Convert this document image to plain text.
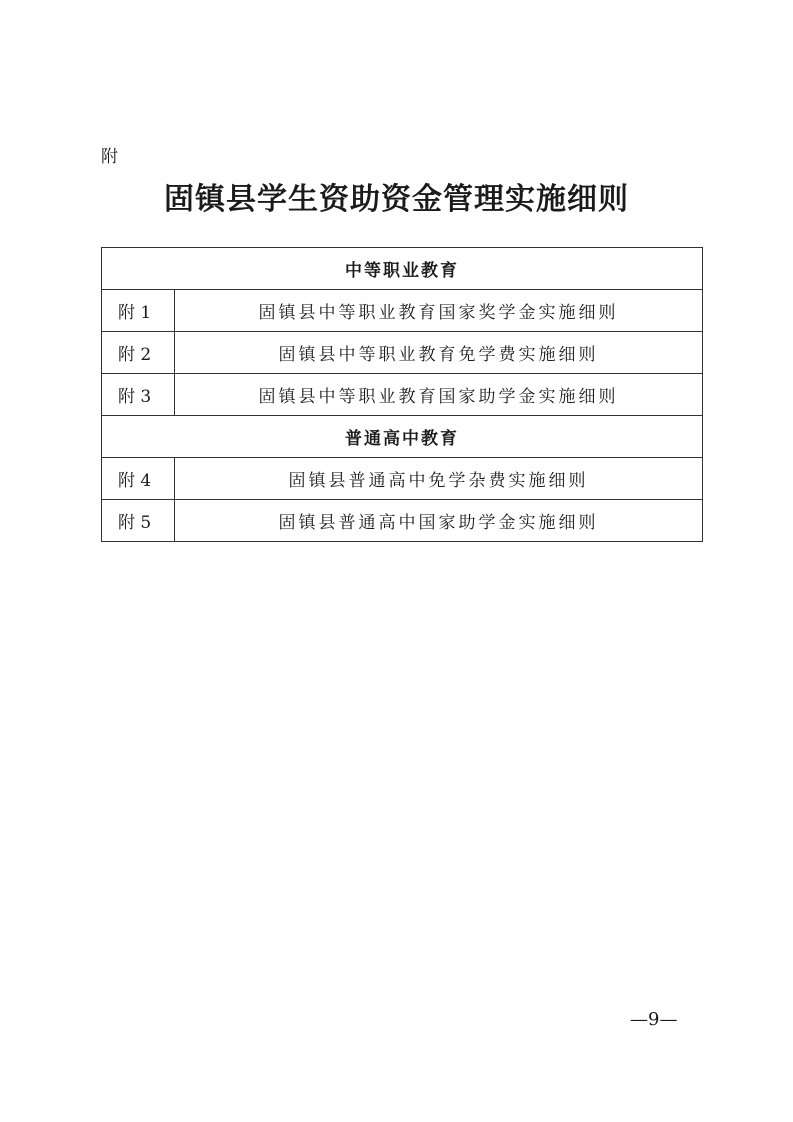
附
固镇县学生资助资金管理实施细则
中等职业教育	
附 1	固镇县中等职业教育国家奖学金实施细则
附 2	固镇县中等职业教育免学费实施细则
附 3	固镇县中等职业教育国家助学金实施细则
普通高中教育	
附 4	固镇县普通高中免学杂费实施细则
附 5	固镇县普通高中国家助学金实施细则
—9—
